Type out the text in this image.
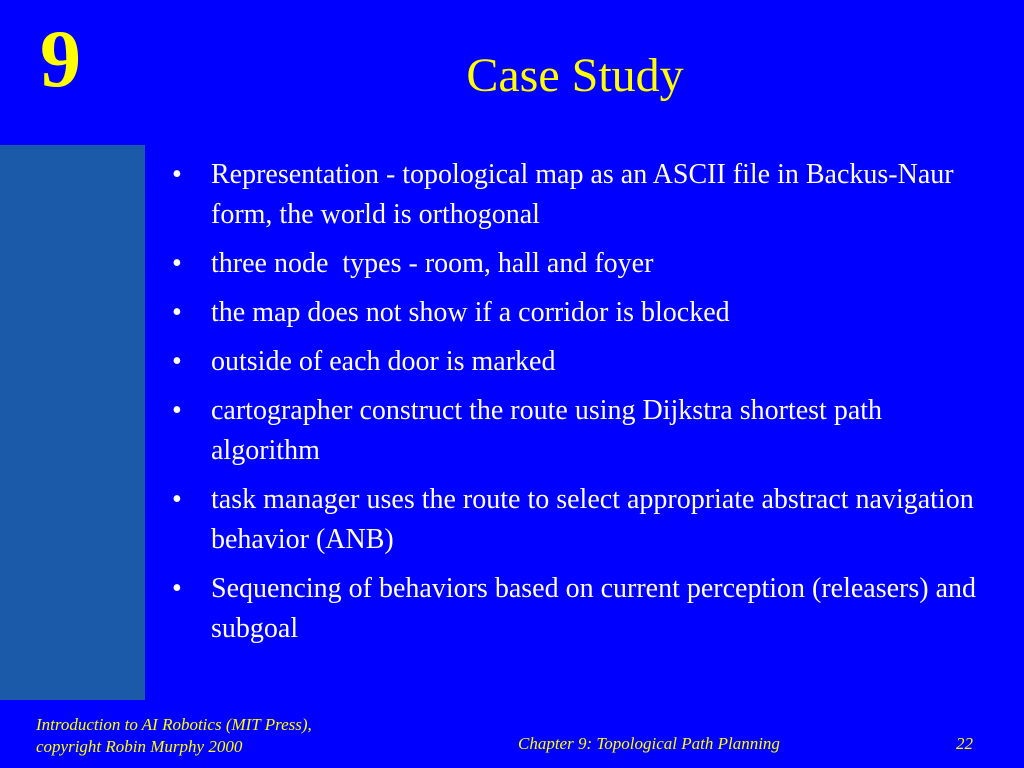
9	Case Study
• Representation - topological map as an ASCII file in Backus-Naur form, the world is orthogonal
• three node  types - room, hall and foyer
• the map does not show if a corridor is blocked
• outside of each door is marked
• cartographer construct the route using Dijkstra shortest path algorithm
• task manager uses the route to select appropriate abstract navigation behavior (ANB)
• Sequencing of behaviors based on current perception (releasers) and subgoal
Introduction to AI Robotics (MIT Press),
copyright Robin Murphy 2000	Chapter 9: Topological Path Planning	22
